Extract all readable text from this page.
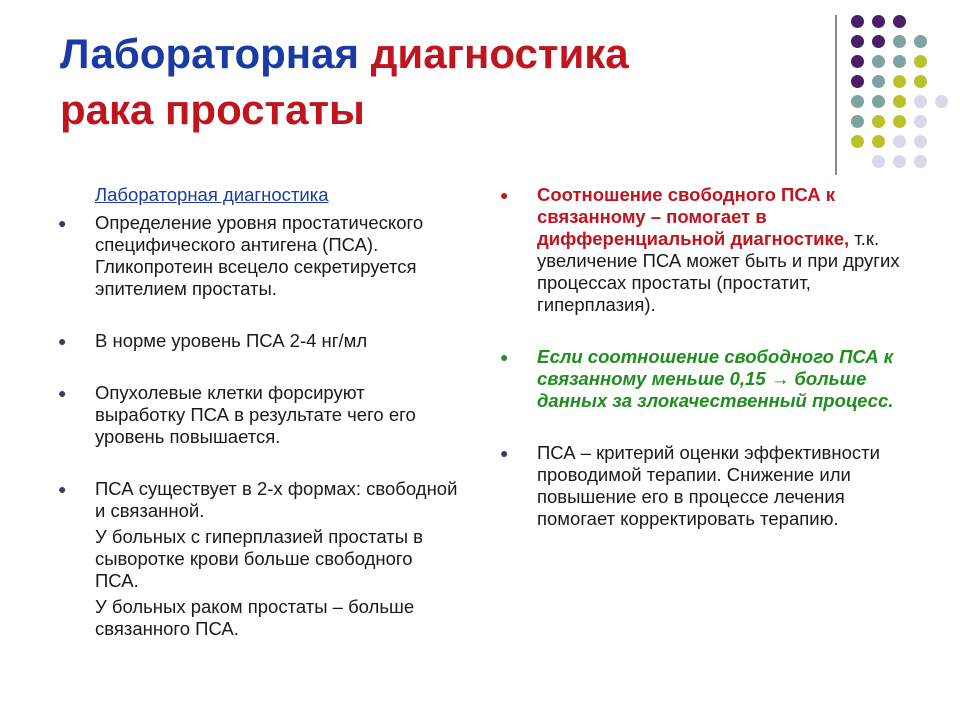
Лабораторная диагностика
рака простаты
Лабораторная диагностика
● Определение уровня простатического специфического антигена (ПСА). Гликопротеин всецело секретируется эпителием простаты.
● В норме уровень ПСА 2-4 нг/мл
● Опухолевые клетки форсируют выработку ПСА в результате чего его уровень повышается.
● ПСА существует в 2-х формах: свободной и связанной.
У больных с гиперплазией простаты в сыворотке крови больше свободного ПСА.
У больных раком простаты – больше связанного ПСА.
● Соотношение свободного ПСА к связанному – помогает в дифференциальной диагностике, т.к. увеличение ПСА может быть и при других процессах простаты (простатит, гиперплазия).
● Если соотношение свободного ПСА к связанному меньше 0,15 → больше данных за злокачественный процесс.
● ПСА – критерий оценки эффективности проводимой терапии. Снижение или повышение его в процессе лечения помогает корректировать терапию.
